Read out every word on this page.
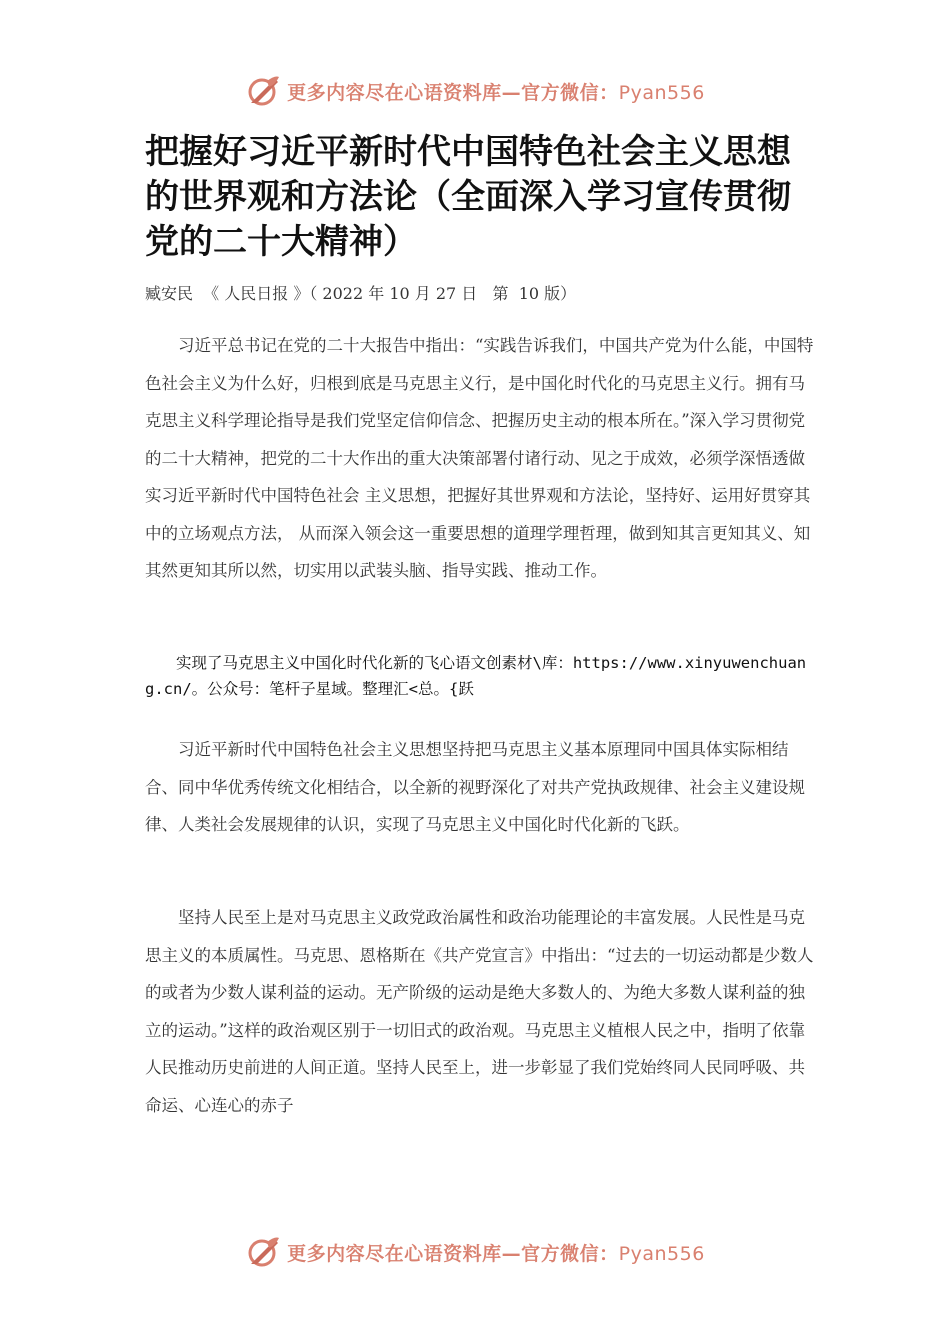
更多内容尽在心语资料库—官方微信：Pyan556
把握好习近平新时代中国特色社会主义思想的世界观和方法论（全面深入学习宣传贯彻党的二十大精神）
臧安民  《 人民日报 》（ 2022 年 10 月 27 日   第  10 版）

习近平总书记在党的二十大报告中指出：“实践告诉我们，中国共产党为什么能，中国特色社会主义为什么好，归根到底是马克思主义行，是中国化时代化的马克思主义行。拥有马克思主义科学理论指导是我们党坚定信仰信念、把握历史主动的根本所在。”深入学习贯彻党的二十大精神，把党的二十大作出的重大决策部署付诸行动、见之于成效，必须学深悟透做实习近平新时代中国特色社会 主义思想，把握好其世界观和方法论，坚持好、运用好贯穿其中的立场观点方法， 从而深入领会这一重要思想的道理学理哲理，做到知其言更知其义、知其然更知其所以然，切实用以武装头脑、指导实践、推动工作。

实现了马克思主义中国化时代化新的飞心语文创素材\库：https://www.xinyuwenchuang.cn/。公众号：笔杆子星域。整理汇<总。{跃

习近平新时代中国特色社会主义思想坚持把马克思主义基本原理同中国具体实际相结合、同中华优秀传统文化相结合，以全新的视野深化了对共产党执政规律、社会主义建设规律、人类社会发展规律的认识，实现了马克思主义中国化时代化新的飞跃。

坚持人民至上是对马克思主义政党政治属性和政治功能理论的丰富发展。人民性是马克思主义的本质属性。马克思、恩格斯在《共产党宣言》中指出：“过去的一切运动都是少数人的或者为少数人谋利益的运动。无产阶级的运动是绝大多数人的、为绝大多数人谋利益的独立的运动。”这样的政治观区别于一切旧式的政治观。马克思主义植根人民之中，指明了依靠人民推动历史前进的人间正道。坚持人民至上，进一步彰显了我们党始终同人民同呼吸、共命运、心连心的赤子

更多内容尽在心语资料库—官方微信：Pyan556
